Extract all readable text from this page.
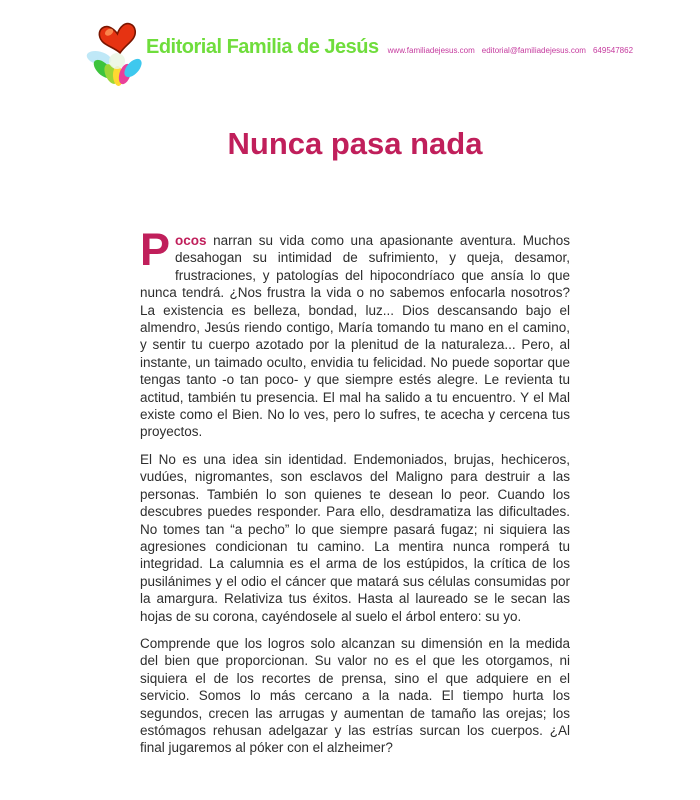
Editorial Familia de Jesús www.familiadejesus.com editorial@familiadejesus.com 649547862
Nunca pasa nada

Pocos narran su vida como una apasionante aventura. Muchos desahogan su intimidad de sufrimiento, y queja, desamor, frustraciones, y patologías del hipocondríaco que ansía lo que nunca tendrá. ¿Nos frustra la vida o no sabemos enfocarla nosotros? La existencia es belleza, bondad, luz... Dios descansando bajo el almendro, Jesús riendo contigo, María tomando tu mano en el camino, y sentir tu cuerpo azotado por la plenitud de la naturaleza... Pero, al instante, un taimado oculto, envidia tu felicidad. No puede soportar que tengas tanto -o tan poco- y que siempre estés alegre. Le revienta tu actitud, también tu presencia. El mal ha salido a tu encuentro. Y el Mal existe como el Bien. No lo ves, pero lo sufres, te acecha y cercena tus proyectos.

El No es una idea sin identidad. Endemoniados, brujas, hechiceros, vudúes, nigromantes, son esclavos del Maligno para destruir a las personas. También lo son quienes te desean lo peor. Cuando los descubres puedes responder. Para ello, desdramatiza las dificultades. No tomes tan “a pecho” lo que siempre pasará fugaz; ni siquiera las agresiones condicionan tu camino. La mentira nunca romperá tu integridad. La calumnia es el arma de los estúpidos, la crítica de los pusilánimes y el odio el cáncer que matará sus células consumidas por la amargura. Relativiza tus éxitos. Hasta al laureado se le secan las hojas de su corona, cayéndosele al suelo el árbol entero: su yo.

Comprende que los logros solo alcanzan su dimensión en la medida del bien que proporcionan. Su valor no es el que les otorgamos, ni siquiera el de los recortes de prensa, sino el que adquiere en el servicio. Somos lo más cercano a la nada. El tiempo hurta los segundos, crecen las arrugas y aumentan de tamaño las orejas; los estómagos rehusan adelgazar y las estrías surcan los cuerpos. ¿Al final jugaremos al póker con el alzheimer?
